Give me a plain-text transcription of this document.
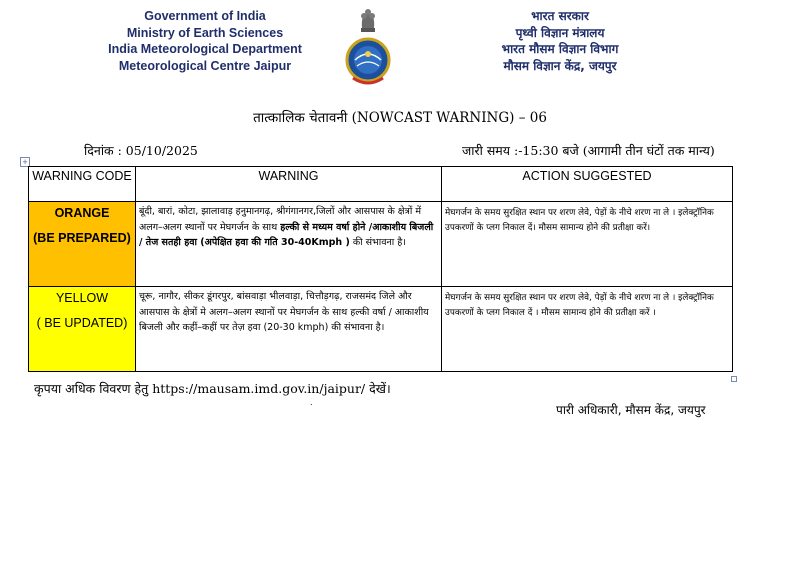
Government of India
Ministry of Earth Sciences
India Meteorological Department
Meteorological Centre Jaipur
भारत सरकार
पृथ्वी विज्ञान मंत्रालय
भारत मौसम विज्ञान विभाग
मौसम विज्ञान केंद्र, जयपुर
तात्कालिक चेतावनी (NOWCAST WARNING) – 06
दिनांक : 05/10/2025	जारी समय :-15:30 बजे (आगामी तीन घंटों तक मान्य)
+
WARNING CODE	WARNING	ACTION SUGGESTED

ORANGE
(BE PREPARED)	बूंदी, बारां, कोटा, झालावाड़ हनुमानगढ़, श्रीगंगानगर,जिलों और आसपास के क्षेत्रों में अलग–अलग स्थानों पर मेघगर्जन के साथ हल्की से मध्यम वर्षा होने /आकाशीय बिजली / तेज सतही हवा (अपेक्षित हवा की गति 30-40Kmph ) की संभावना है।	मेघगर्जन के समय सुरक्षित स्थान पर शरण लेवे, पेड़ों के नीचे शरण ना ले । इलेक्ट्रॉनिक उपकरणों के प्लग निकाल दें। मौसम सामान्य होने की प्रतीक्षा करें।

YELLOW
( BE UPDATED)	चूरू, नागौर, सीकर डूंगरपुर, बांसवाड़ा भीलवाड़ा, चित्तौड़गढ़, राजसमंद जिले और आसपास के क्षेत्रों मे अलग–अलग स्थानों पर मेघगर्जन के साथ हल्की वर्षा / आकाशीय बिजली और कहीं–कहीं पर तेज़ हवा (20-30 kmph) की संभावना है।	मेघगर्जन के समय सुरक्षित स्थान पर शरण लेवे, पेड़ों के नीचे शरण ना ले । इलेक्ट्रॉनिक उपकरणों के प्लग निकाल दें । मौसम सामान्य होने की प्रतीक्षा करें ।
कृपया अधिक विवरण हेतु https://mausam.imd.gov.in/jaipur/ देखें।
.
पारी अधिकारी, मौसम केंद्र, जयपुर
